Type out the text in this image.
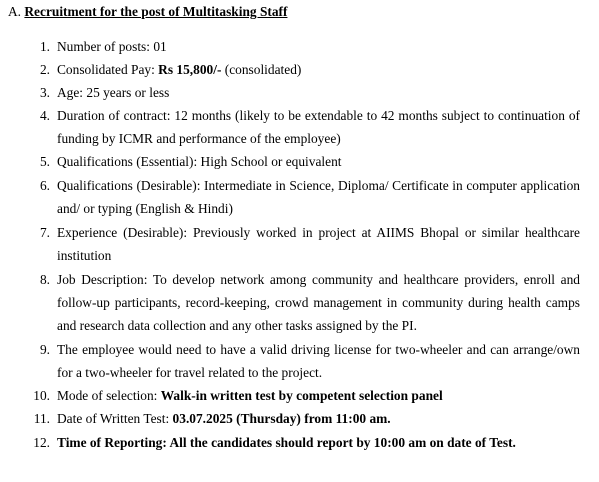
A. Recruitment for the post of Multitasking Staff
1. Number of posts: 01
2. Consolidated Pay: Rs 15,800/- (consolidated)
3. Age: 25 years or less
4. Duration of contract: 12 months (likely to be extendable to 42 months subject to continuation of funding by ICMR and performance of the employee)
5. Qualifications (Essential): High School or equivalent
6. Qualifications (Desirable): Intermediate in Science, Diploma/ Certificate in computer application and/ or typing (English & Hindi)
7. Experience (Desirable): Previously worked in project at AIIMS Bhopal or similar healthcare institution
8. Job Description: To develop network among community and healthcare providers, enroll and follow-up participants, record-keeping, crowd management in community during health camps and research data collection and any other tasks assigned by the PI.
9. The employee would need to have a valid driving license for two-wheeler and can arrange/own for a two-wheeler for travel related to the project.
10. Mode of selection: Walk-in written test by competent selection panel
11. Date of Written Test: 03.07.2025 (Thursday) from 11:00 am.
12. Time of Reporting: All the candidates should report by 10:00 am on date of Test.
